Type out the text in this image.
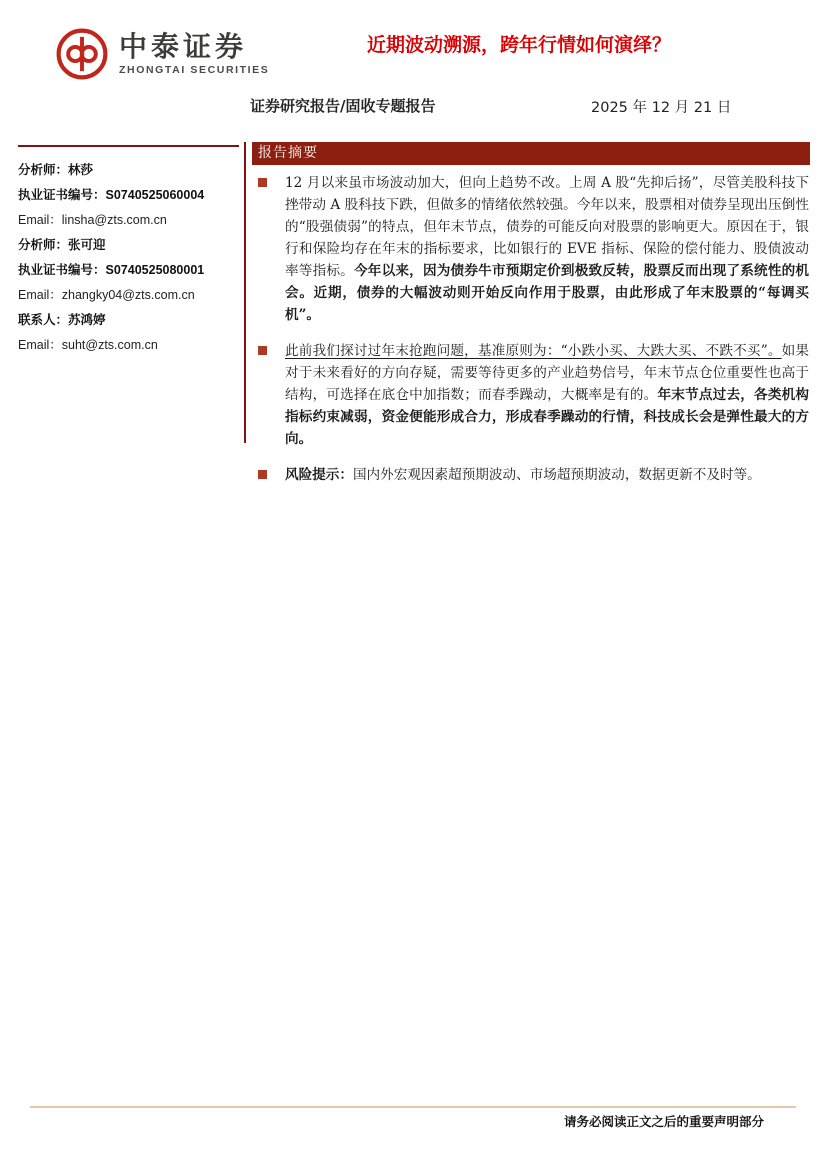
中泰证券
ZHONGTAI SECURITIES
近期波动溯源，跨年行情如何演绎？
证券研究报告/固收专题报告	2025 年 12 月 21 日
分析师：林莎
执业证书编号：S0740525060004
Email：linsha@zts.com.cn
分析师：张可迎
执业证书编号：S0740525080001
Email：zhangky04@zts.com.cn
联系人：苏鸿婷
Email：suht@zts.com.cn
报告摘要
12 月以来虽市场波动加大，但向上趋势不改。上周 A 股“先抑后扬”，尽管美股科技下挫带动 A 股科技下跌，但做多的情绪依然较强。今年以来，股票相对债券呈现出压倒性的“股强债弱”的特点，但年末节点，债券的可能反向对股票的影响更大。原因在于，银行和保险均存在年末的指标要求，比如银行的 EVE 指标、保险的偿付能力、股债波动率等指标。今年以来，因为债券牛市预期定价到极致反转，股票反而出现了系统性的机会。近期，债券的大幅波动则开始反向作用于股票，由此形成了年末股票的“每调买机”。
此前我们探讨过年末抢跑问题，基准原则为：“小跌小买、大跌大买、不跌不买”。如果对于未来看好的方向存疑，需要等待更多的产业趋势信号，年末节点仓位重要性也高于结构，可选择在底仓中加指数；而春季躁动，大概率是有的。年末节点过去，各类机构指标约束减弱，资金便能形成合力，形成春季躁动的行情，科技成长会是弹性最大的方向。
风险提示：国内外宏观因素超预期波动、市场超预期波动，数据更新不及时等。
请务必阅读正文之后的重要声明部分
